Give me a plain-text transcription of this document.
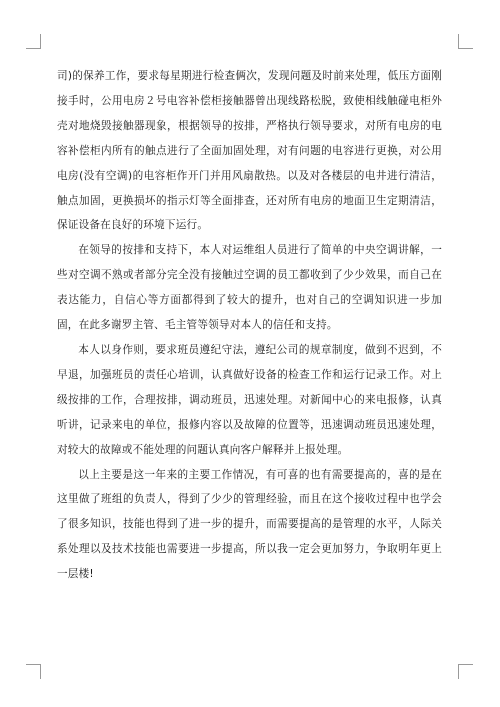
司)的保养工作，要求每星期进行检查俩次，发现问题及时前来处理，低压方面刚接手时，公用电房２号电容补偿柜接触器曾出现线路松脱，致使相线触碰电柜外壳对地烧毁接触器现象，根据领导的按排，严格执行领导要求，对所有电房的电容补偿柜内所有的触点进行了全面加固处理，对有问题的电容进行更换，对公用电房(没有空调)的电容柜作开门并用风扇散热。以及对各楼层的电井进行清洁，触点加固，更换损坏的指示灯等全面排查，还对所有电房的地面卫生定期清洁，保证设备在良好的环境下运行。

在领导的按排和支持下，本人对运维组人员进行了简单的中央空调讲解，一些对空调不熟或者部分完全没有接触过空调的员工都收到了少少效果，而自己在表达能力，自信心等方面都得到了较大的提升，也对自己的空调知识进一步加固，在此多谢罗主管、毛主管等领导对本人的信任和支持。

本人以身作则，要求班员遵纪守法，遵纪公司的规章制度，做到不迟到，不早退，加强班员的责任心培训，认真做好设备的检查工作和运行记录工作。对上级按排的工作，合理按排，调动班员，迅速处理。对新闻中心的来电报修，认真听讲，记录来电的单位，报修内容以及故障的位置等，迅速调动班员迅速处理，对较大的故障或不能处理的问题认真向客户解释并上报处理。

以上主要是这一年来的主要工作情况，有可喜的也有需要提高的，喜的是在这里做了班组的负责人，得到了少少的管理经验，而且在这个接收过程中也学会了很多知识，技能也得到了进一步的提升，而需要提高的是管理的水平，人际关系处理以及技术技能也需要进一步提高，所以我一定会更加努力，争取明年更上一层楼!
